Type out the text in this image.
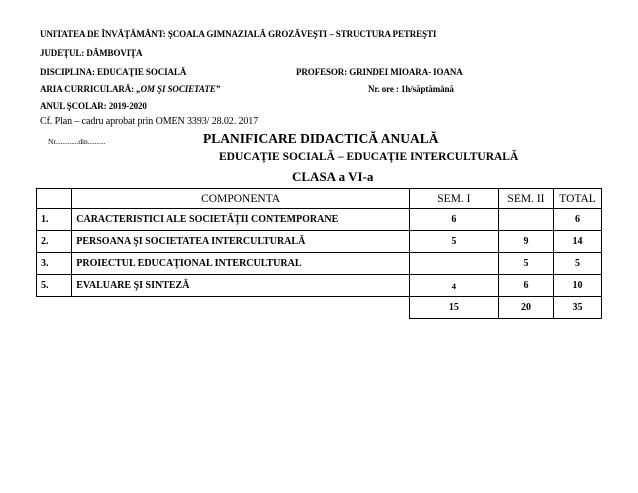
UNITATEA DE ÎNVĂŢĂMÂNT: ŞCOALA GIMNAZIALĂ GROZĂVEŞTI – STRUCTURA PETREŞTI
JUDEŢUL: DÂMBOVIŢA
DISCIPLINA: EDUCAŢIE SOCIALĂ	PROFESOR: GRINDEI MIOARA- IOANA
ARIA CURRICULARĂ: „OM ŞI SOCIETATE”	Nr. ore : 1h/săptămână
ANUL ŞCOLAR: 2019-2020
Cf. Plan – cadru aprobat prin OMEN 3393/ 28.02. 2017
Nr.............din..........	PLANIFICARE DIDACTICĂ ANUALĂ
EDUCAŢIE SOCIALĂ – EDUCAŢIE INTERCULTURALĂ
CLASA a VI-a
	COMPONENTA	SEM. I	SEM. II	TOTAL
1.	CARACTERISTICI ALE SOCIETĂŢII CONTEMPORANE	6		6
2.	PERSOANA ŞI SOCIETATEA INTERCULTURALĂ	5	9	14
3.	PROIECTUL EDUCAŢIONAL INTERCULTURAL		5	5
5.	EVALUARE ŞI SINTEZĂ	4	6	10
		15	20	35
